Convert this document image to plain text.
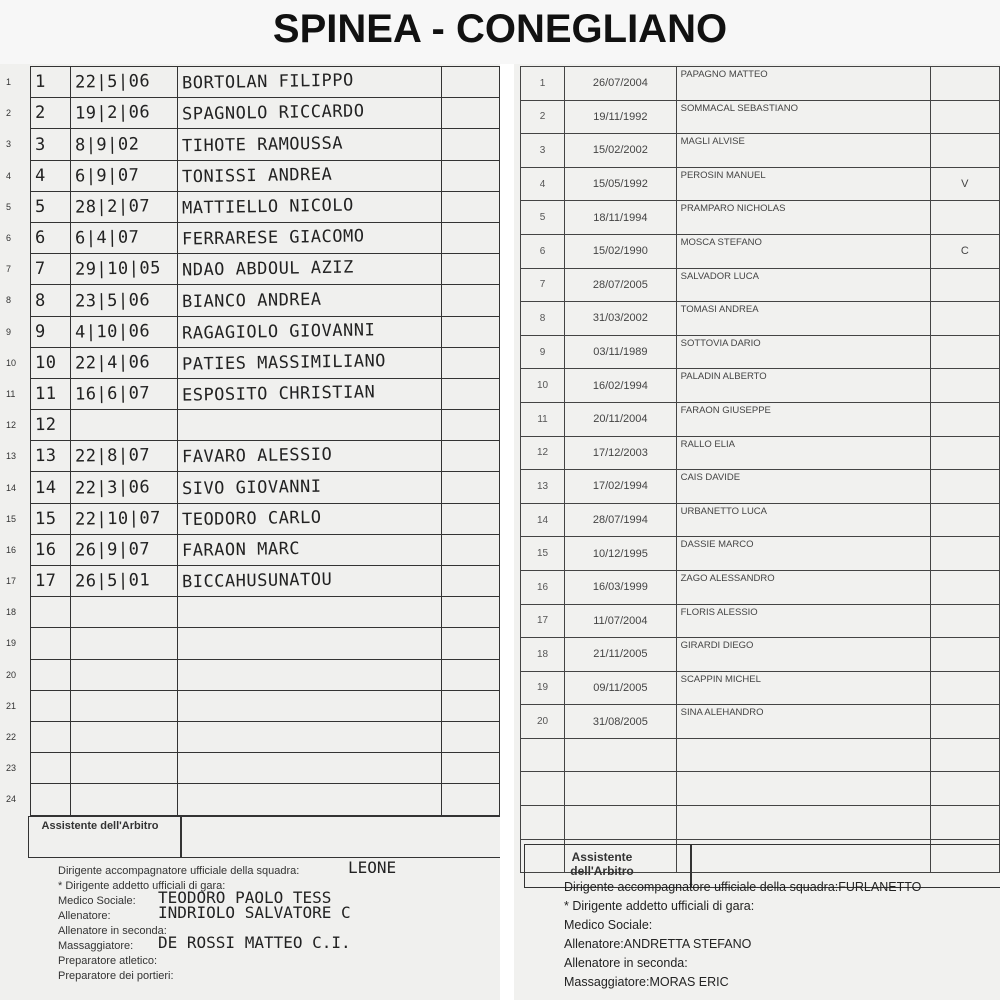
SPINEA - CONEGLIANO
1	1	22|5|06	BORTOLAN FILIPPO	
2	2	19|2|06	SPAGNOLO RICCARDO	
3	3	8|9|02	TIHOTE RAMOUSSA	
4	4	6|9|07	TONISSI ANDREA	
5	5	28|2|07	MATTIELLO NICOLO	
6	6	6|4|07	FERRARESE GIACOMO	
7	7	29|10|05	NDAO ABDOUL AZIZ	
8	8	23|5|06	BIANCO ANDREA	
9	9	4|10|06	RAGAGIOLO GIOVANNI	
10	10	22|4|06	PATIES MASSIMILIANO	
11	11	16|6|07	ESPOSITO CHRISTIAN	
12	12			
13	13	22|8|07	FAVARO ALESSIO	
14	14	22|3|06	SIVO GIOVANNI	
15	15	22|10|07	TEODORO CARLO	
16	16	26|9|07	FARAON MARC	
17	17	26|5|01	BICCAHUSUNATOU	
18				
19				
20				
21				
22				
23				
24				
Assistente dell'Arbitro
Dirigente accompagnatore ufficiale della squadra:	LEONE
* Dirigente addetto ufficiali di gara:
Medico Sociale: TEODORO PAOLO TESS
Allenatore:	INDRIOLO SALVATORE C
Allenatore in seconda:
Massaggiatore: DE ROSSI MATTEO C.I.
Preparatore atletico:
Preparatore dei portieri:
1	26/07/2004	PAPAGNO MATTEO	
2	19/11/1992	SOMMACAL SEBASTIANO	
3	15/02/2002	MAGLI ALVISE	
4	15/05/1992	PEROSIN MANUEL	V
5	18/11/1994	PRAMPARO NICHOLAS	
6	15/02/1990	MOSCA STEFANO	C
7	28/07/2005	SALVADOR LUCA	
8	31/03/2002	TOMASI ANDREA	
9	03/11/1989	SOTTOVIA DARIO	
10	16/02/1994	PALADIN ALBERTO	
11	20/11/2004	FARAON GIUSEPPE	
12	17/12/2003	RALLO ELIA	
13	17/02/1994	CAIS DAVIDE	
14	28/07/1994	URBANETTO LUCA	
15	10/12/1995	DASSIE MARCO	
16	16/03/1999	ZAGO ALESSANDRO	
17	11/07/2004	FLORIS ALESSIO	
18	21/11/2005	GIRARDI DIEGO	
19	09/11/2005	SCAPPIN MICHEL	
20	31/08/2005	SINA ALEHANDRO	

Assistente dell'Arbitro
Dirigente accompagnatore ufficiale della squadra:FURLANETTO
* Dirigente addetto ufficiali di gara:
Medico Sociale:
Allenatore:ANDRETTA STEFANO
Allenatore in seconda:
Massaggiatore:MORAS ERIC
